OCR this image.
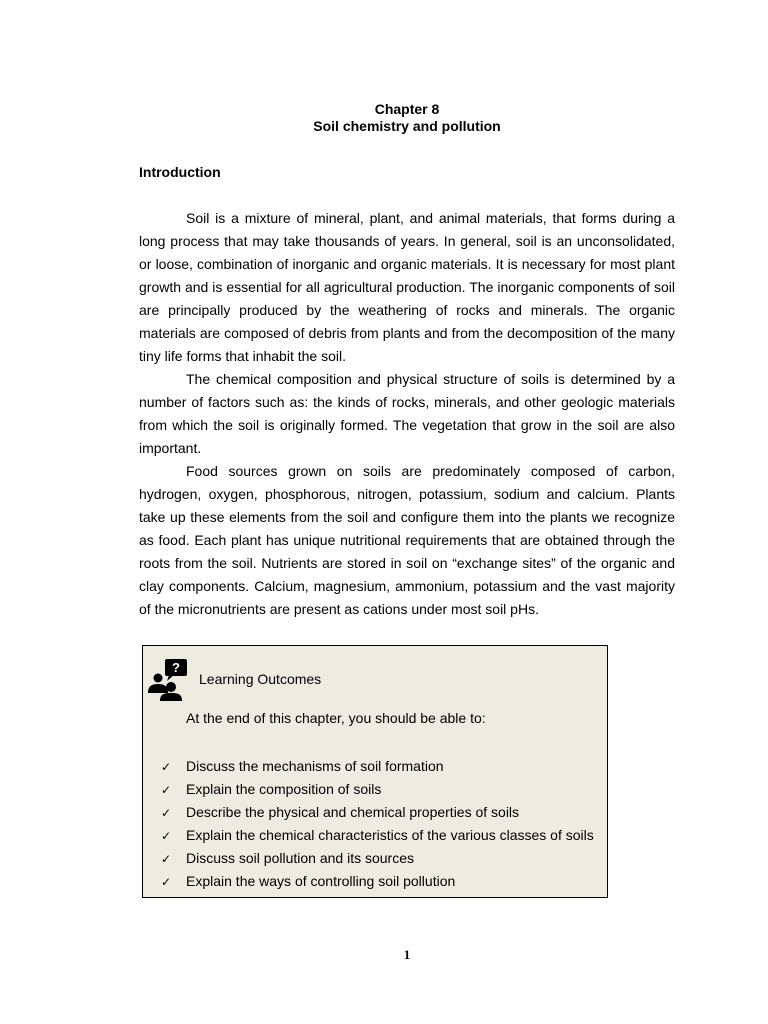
Chapter 8
Soil chemistry and pollution
Introduction

Soil is a mixture of mineral, plant, and animal materials, that forms during a long process that may take thousands of years. In general, soil is an unconsolidated, or loose, combination of inorganic and organic materials. It is necessary for most plant growth and is essential for all agricultural production. The inorganic components of soil are principally produced by the weathering of rocks and minerals. The organic materials are composed of debris from plants and from the decomposition of the many tiny life forms that inhabit the soil.

The chemical composition and physical structure of soils is determined by a number of factors such as: the kinds of rocks, minerals, and other geologic materials from which the soil is originally formed. The vegetation that grow in the soil are also important.

Food sources grown on soils are predominately composed of carbon, hydrogen, oxygen, phosphorous, nitrogen, potassium, sodium and calcium. Plants take up these elements from the soil and configure them into the plants we recognize as food. Each plant has unique nutritional requirements that are obtained through the roots from the soil. Nutrients are stored in soil on “exchange sites” of the organic and clay components. Calcium, magnesium, ammonium, potassium and the vast majority of the micronutrients are present as cations under most soil pHs.

?
Learning Outcomes
At the end of this chapter, you should be able to:
✓ Discuss the mechanisms of soil formation
✓ Explain the composition of soils
✓ Describe the physical and chemical properties of soils
✓ Explain the chemical characteristics of the various classes of soils
✓ Discuss soil pollution and its sources
✓ Explain the ways of controlling soil pollution
1
